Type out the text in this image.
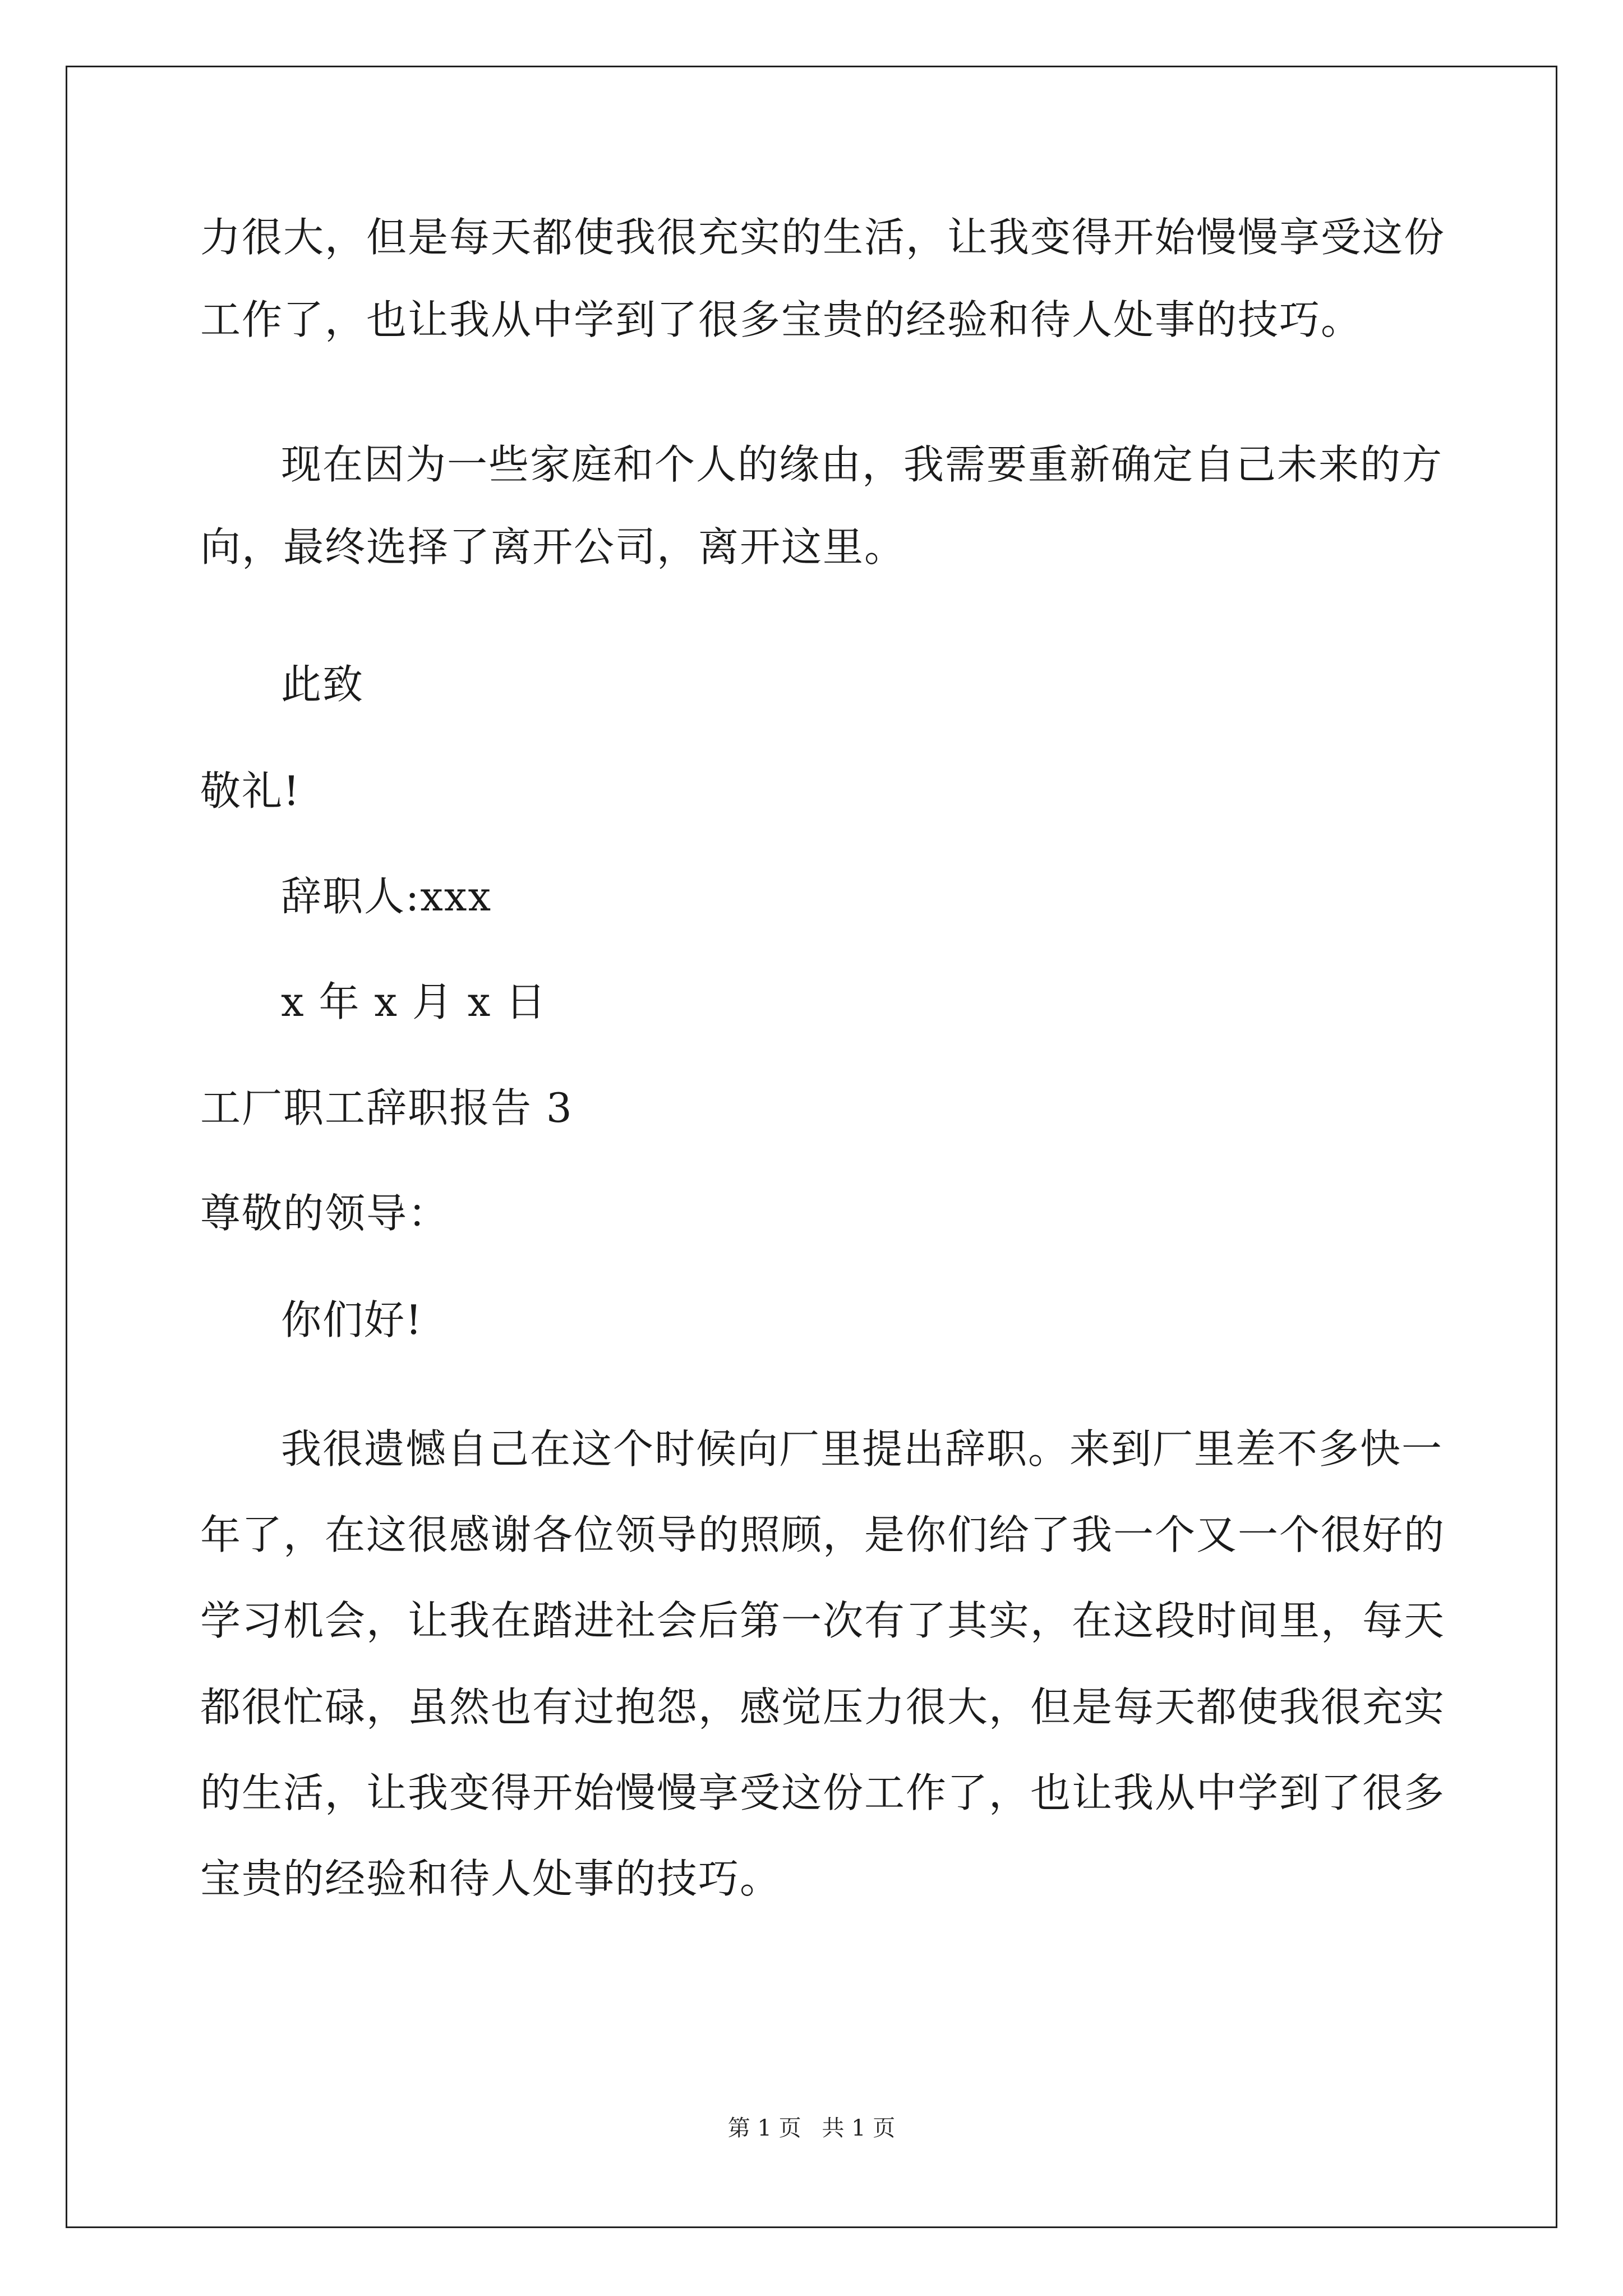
力很大，但是每天都使我很充实的生活，让我变得开始慢慢享受这份
工作了，也让我从中学到了很多宝贵的经验和待人处事的技巧。
现在因为一些家庭和个人的缘由，我需要重新确定自己未来的方
向，最终选择了离开公司，离开这里。
此致
敬礼!
辞职人:xxx
x 年 x 月 x 日
工厂职工辞职报告 3
尊敬的领导：
你们好!
我很遗憾自己在这个时候向厂里提出辞职。来到厂里差不多快一
年了，在这很感谢各位领导的照顾，是你们给了我一个又一个很好的
学习机会，让我在踏进社会后第一次有了其实，在这段时间里，每天
都很忙碌，虽然也有过抱怨，感觉压力很大，但是每天都使我很充实
的生活，让我变得开始慢慢享受这份工作了，也让我从中学到了很多
宝贵的经验和待人处事的技巧。
第 1 页 共 1 页
